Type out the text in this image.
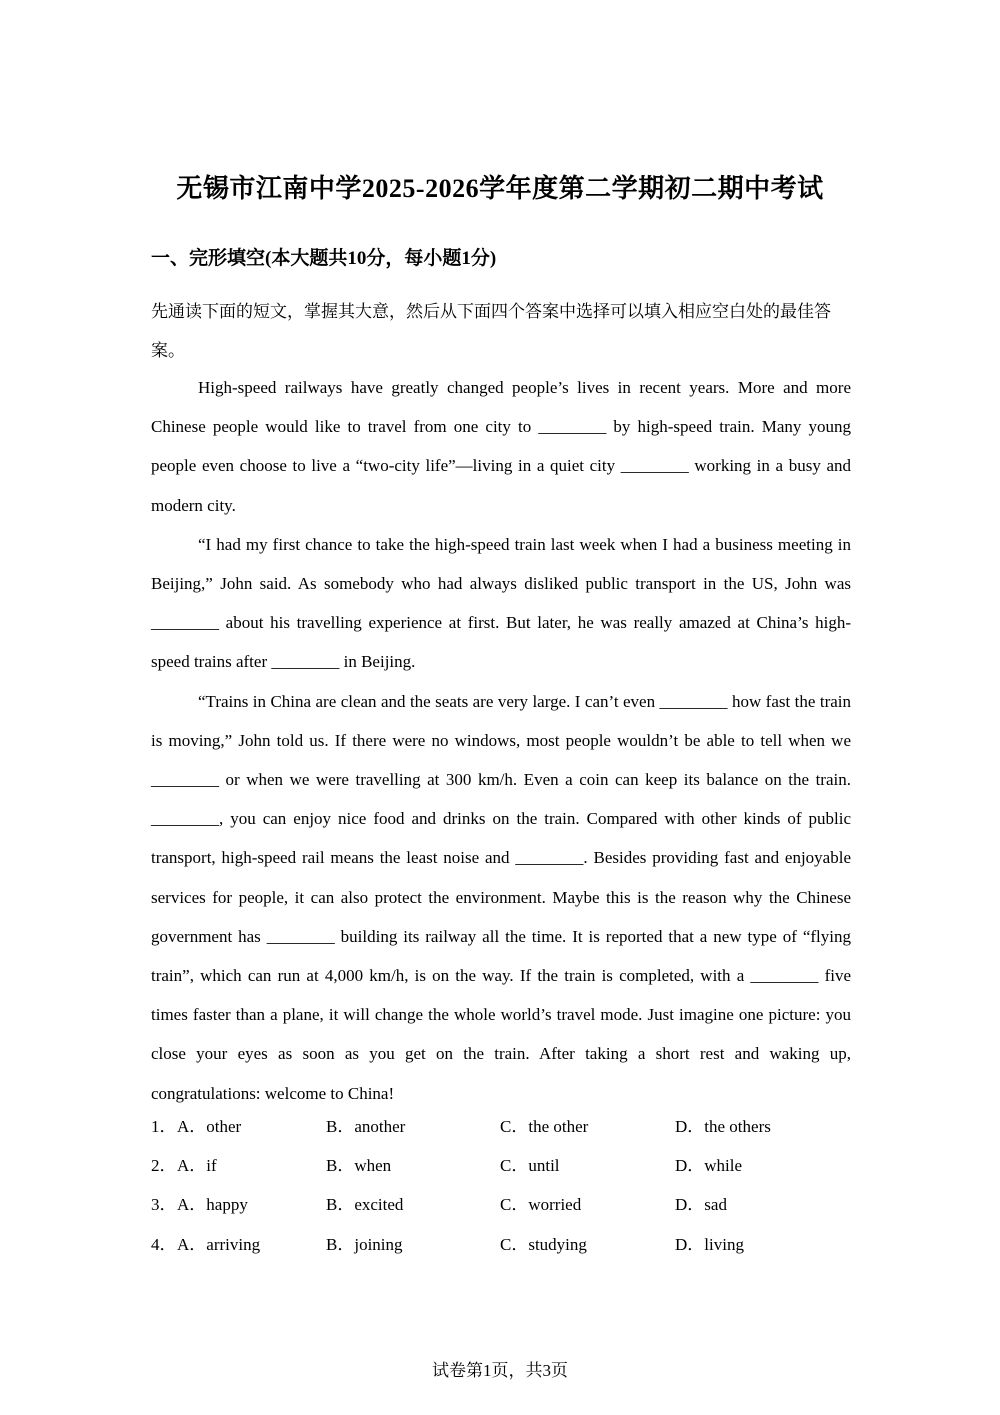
无锡市江南中学2025-2026学年度第二学期初二期中考试
一、完形填空(本大题共10分，每小题1分)
先通读下面的短文，掌握其大意，然后从下面四个答案中选择可以填入相应空白处的最佳答案。

High-speed railways have greatly changed people’s lives in recent years. More and more Chinese people would like to travel from one city to ________ by high-speed train. Many young people even choose to live a “two-city life”—living in a quiet city ________ working in a busy and modern city.

“I had my first chance to take the high-speed train last week when I had a business meeting in Beijing,” John said. As somebody who had always disliked public transport in the US, John was ________ about his travelling experience at first. But later, he was really amazed at China’s high-speed trains after ________ in Beijing.

“Trains in China are clean and the seats are very large. I can’t even ________ how fast the train is moving,” John told us. If there were no windows, most people wouldn’t be able to tell when we ________ or when we were travelling at 300 km/h. Even a coin can keep its balance on the train. ________, you can enjoy nice food and drinks on the train. Compared with other kinds of public transport, high-speed rail means the least noise and ________. Besides providing fast and enjoyable services for people, it can also protect the environment. Maybe this is the reason why the Chinese government has ________ building its railway all the time. It is reported that a new type of “flying train”, which can run at 4,000 km/h, is on the way. If the train is completed, with a ________ five times faster than a plane, it will change the whole world’s travel mode. Just imagine one picture: you close your eyes as soon as you get on the train. After taking a short rest and waking up, congratulations: welcome to China!

1． A．other	B．another	C．the other	D．the others
2． A．if	B．when	C．until	D．while
3． A．happy	B．excited	C．worried	D．sad
4． A．arriving	B．joining	C．studying	D．living
试卷第1页，共3页
